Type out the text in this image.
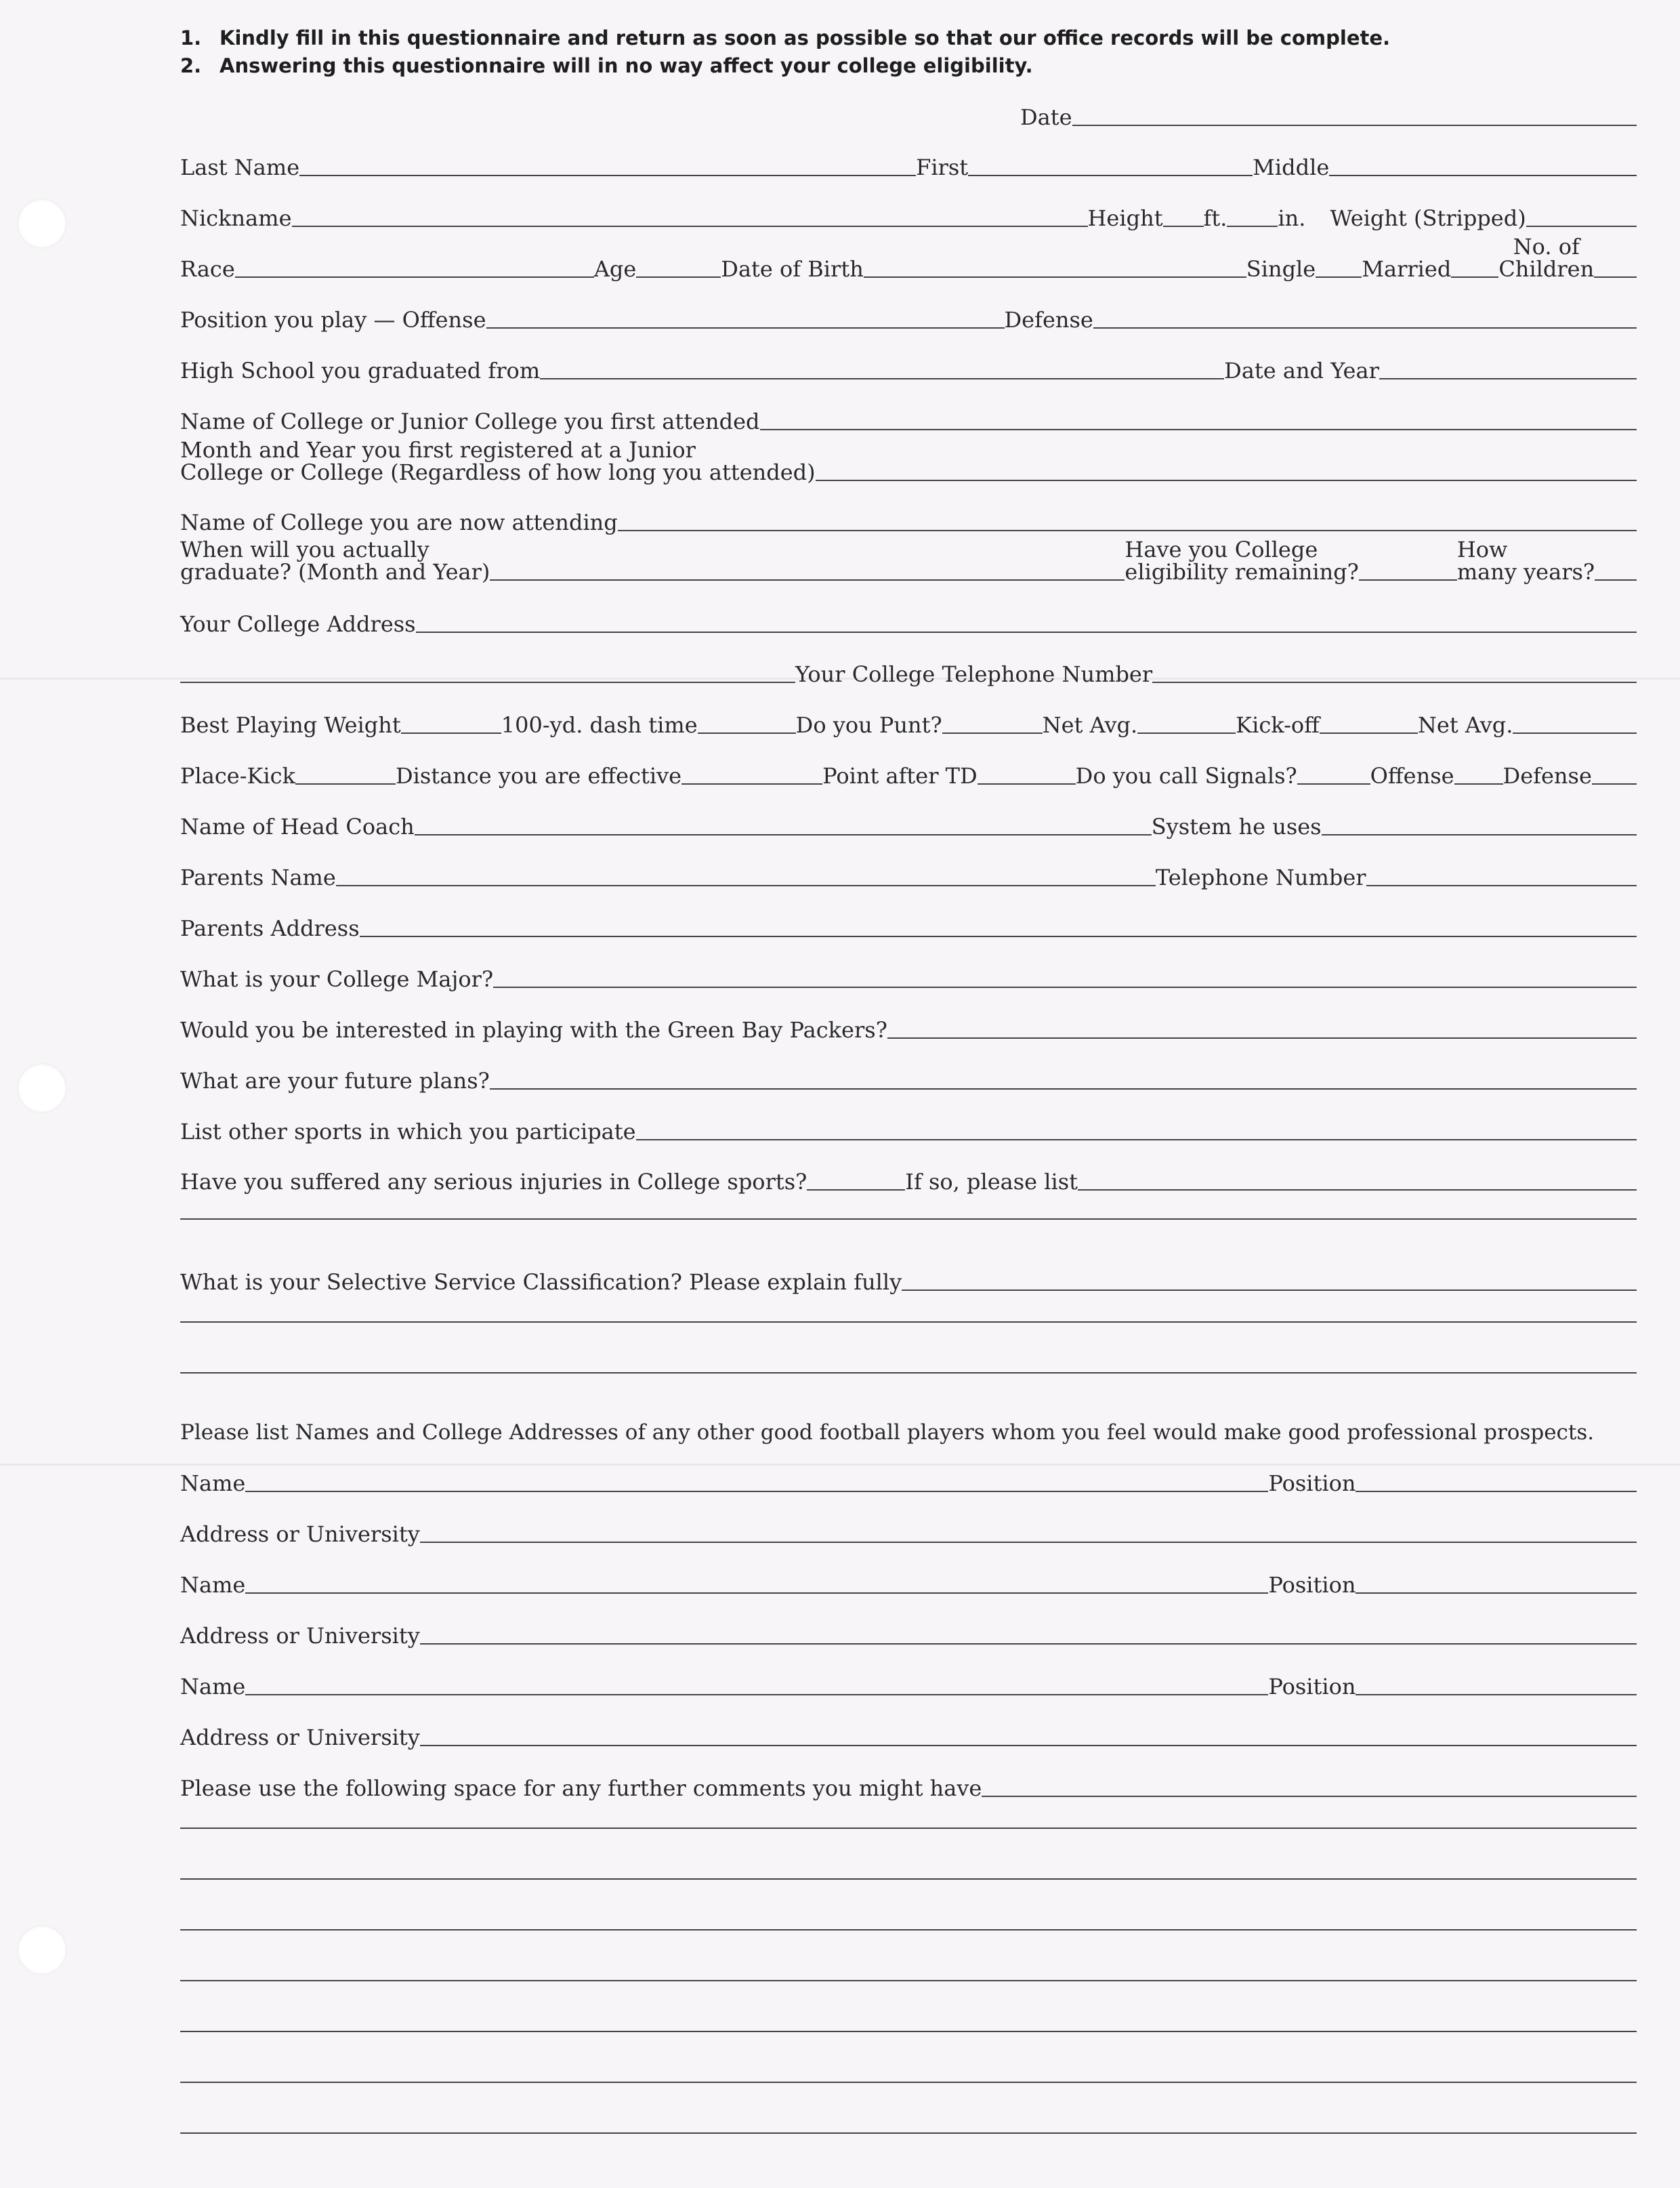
1. Kindly fill in this questionnaire and return as soon as possible so that our office records will be complete.
2. Answering this questionnaire will in no way affect your college eligibility.
Date
Last Name	First	Middle
Nickname	Height ft. in. Weight (Stripped)
Race	Age	Date of Birth	Single Married
No. of
Children
Position you play — Offense	Defense
High School you graduated from	Date and Year
Name of College or Junior College you first attended
Month and Year you first registered at a Junior
College or College (Regardless of how long you attended)
Name of College you are now attending
When will you actually
graduate? (Month and Year)
Have you College
eligibility remaining?
How
many years?
Your College Address
Your College Telephone Number
Best Playing Weight	100-yd. dash time	Do you Punt?	Net Avg.	Kick-off	Net Avg.
Place-Kick	Distance you are effective	Point after TD	Do you call Signals?	Offense Defense
Name of Head Coach	System he uses
Parents Name	Telephone Number
Parents Address
What is your College Major?
Would you be interested in playing with the Green Bay Packers?
What are your future plans?
List other sports in which you participate
Have you suffered any serious injuries in College sports?	If so, please list
What is your Selective Service Classification? Please explain fully
Please list Names and College Addresses of any other good football players whom you feel would make good professional prospects.
Name	Position
Address or University
Name	Position
Address or University
Name	Position
Address or University
Please use the following space for any further comments you might have
